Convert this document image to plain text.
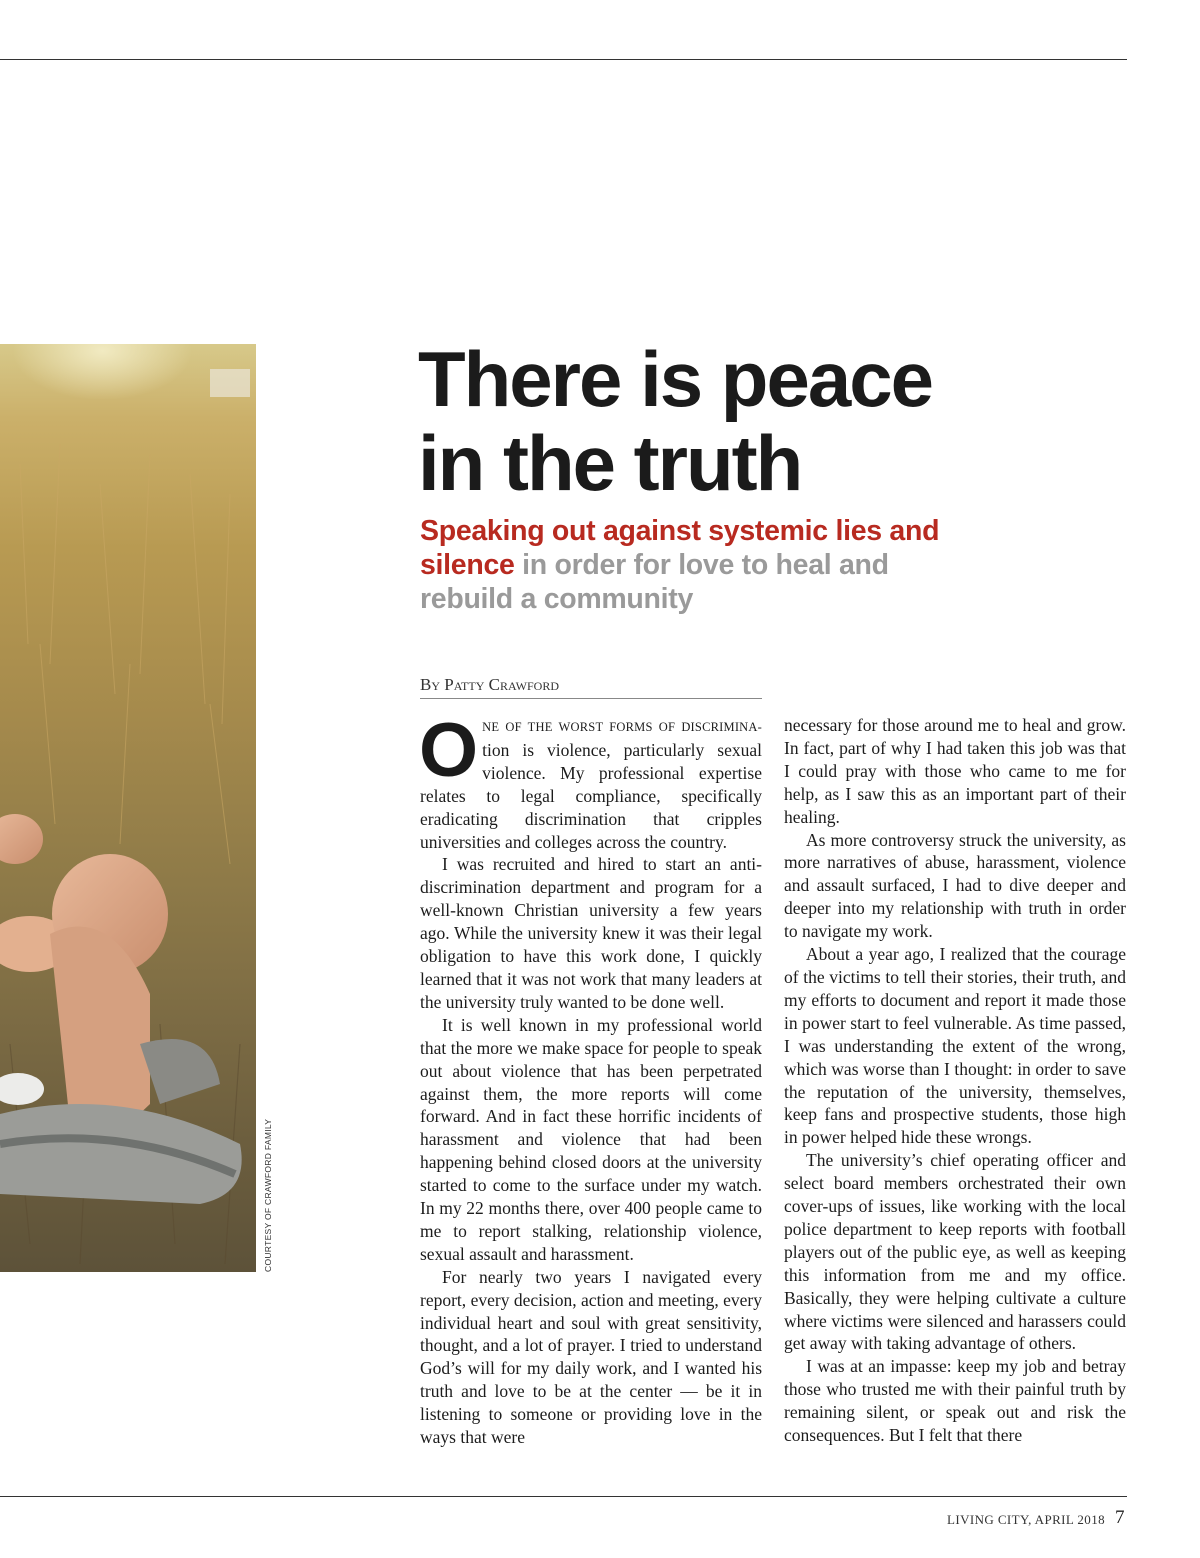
COURTESY OF CRAWFORD FAMILY
There is peace
in the truth
Speaking out against systemic lies and silence in order for love to heal and rebuild a community
By Patty Crawford

ONE OF THE WORST FORMS OF DISCRIMINA-tion is violence, particularly sexual violence. My professional expertise relates to legal compliance, specifically eradicating discrimination that cripples universities and colleges across the country.

I was recruited and hired to start an anti-discrimination department and program for a well-known Christian university a few years ago. While the university knew it was their legal obligation to have this work done, I quickly learned that it was not work that many leaders at the university truly wanted to be done well.

It is well known in my professional world that the more we make space for people to speak out about violence that has been perpetrated against them, the more reports will come forward. And in fact these horrific incidents of harassment and violence that had been happening behind closed doors at the university started to come to the surface under my watch. In my 22 months there, over 400 people came to me to report stalking, relationship violence, sexual assault and harassment.

For nearly two years I navigated every report, every decision, action and meeting, every individual heart and soul with great sensitivity, thought, and a lot of prayer. I tried to understand God’s will for my daily work, and I wanted his truth and love to be at the center — be it in listening to someone or providing love in the ways that were

necessary for those around me to heal and grow. In fact, part of why I had taken this job was that I could pray with those who came to me for help, as I saw this as an important part of their healing.

As more controversy struck the university, as more narratives of abuse, harassment, violence and assault surfaced, I had to dive deeper and deeper into my relationship with truth in order to navigate my work.

About a year ago, I realized that the courage of the victims to tell their stories, their truth, and my efforts to document and report it made those in power start to feel vulnerable. As time passed, I was understanding the extent of the wrong, which was worse than I thought: in order to save the reputation of the university, themselves, keep fans and prospective students, those high in power helped hide these wrongs.

The university’s chief operating officer and select board members orchestrated their own cover-ups of issues, like working with the local police department to keep reports with football players out of the public eye, as well as keeping this information from me and my office. Basically, they were helping cultivate a culture where victims were silenced and harassers could get away with taking advantage of others.

I was at an impasse: keep my job and betray those who trusted me with their painful truth by remaining silent, or speak out and risk the consequences. But I felt that there

LIVING CITY, APRIL 2018 7
